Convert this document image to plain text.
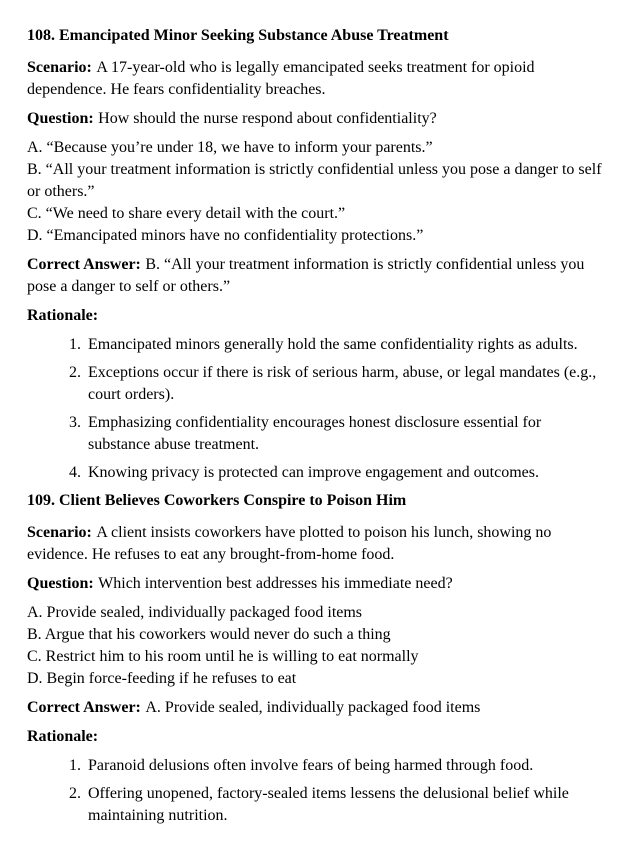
108. Emancipated Minor Seeking Substance Abuse Treatment

Scenario: A 17-year-old who is legally emancipated seeks treatment for opioid dependence. He fears confidentiality breaches.

Question: How should the nurse respond about confidentiality?

A. “Because you’re under 18, we have to inform your parents.”
B. “All your treatment information is strictly confidential unless you pose a danger to self or others.”
C. “We need to share every detail with the court.”
D. “Emancipated minors have no confidentiality protections.”

Correct Answer: B. “All your treatment information is strictly confidential unless you pose a danger to self or others.”

Rationale:

1. Emancipated minors generally hold the same confidentiality rights as adults.
2. Exceptions occur if there is risk of serious harm, abuse, or legal mandates (e.g., court orders).
3. Emphasizing confidentiality encourages honest disclosure essential for substance abuse treatment.
4. Knowing privacy is protected can improve engagement and outcomes.
109. Client Believes Coworkers Conspire to Poison Him

Scenario: A client insists coworkers have plotted to poison his lunch, showing no evidence. He refuses to eat any brought-from-home food.

Question: Which intervention best addresses his immediate need?

A. Provide sealed, individually packaged food items
B. Argue that his coworkers would never do such a thing
C. Restrict him to his room until he is willing to eat normally
D. Begin force-feeding if he refuses to eat

Correct Answer: A. Provide sealed, individually packaged food items

Rationale:

1. Paranoid delusions often involve fears of being harmed through food.
2. Offering unopened, factory-sealed items lessens the delusional belief while maintaining nutrition.
